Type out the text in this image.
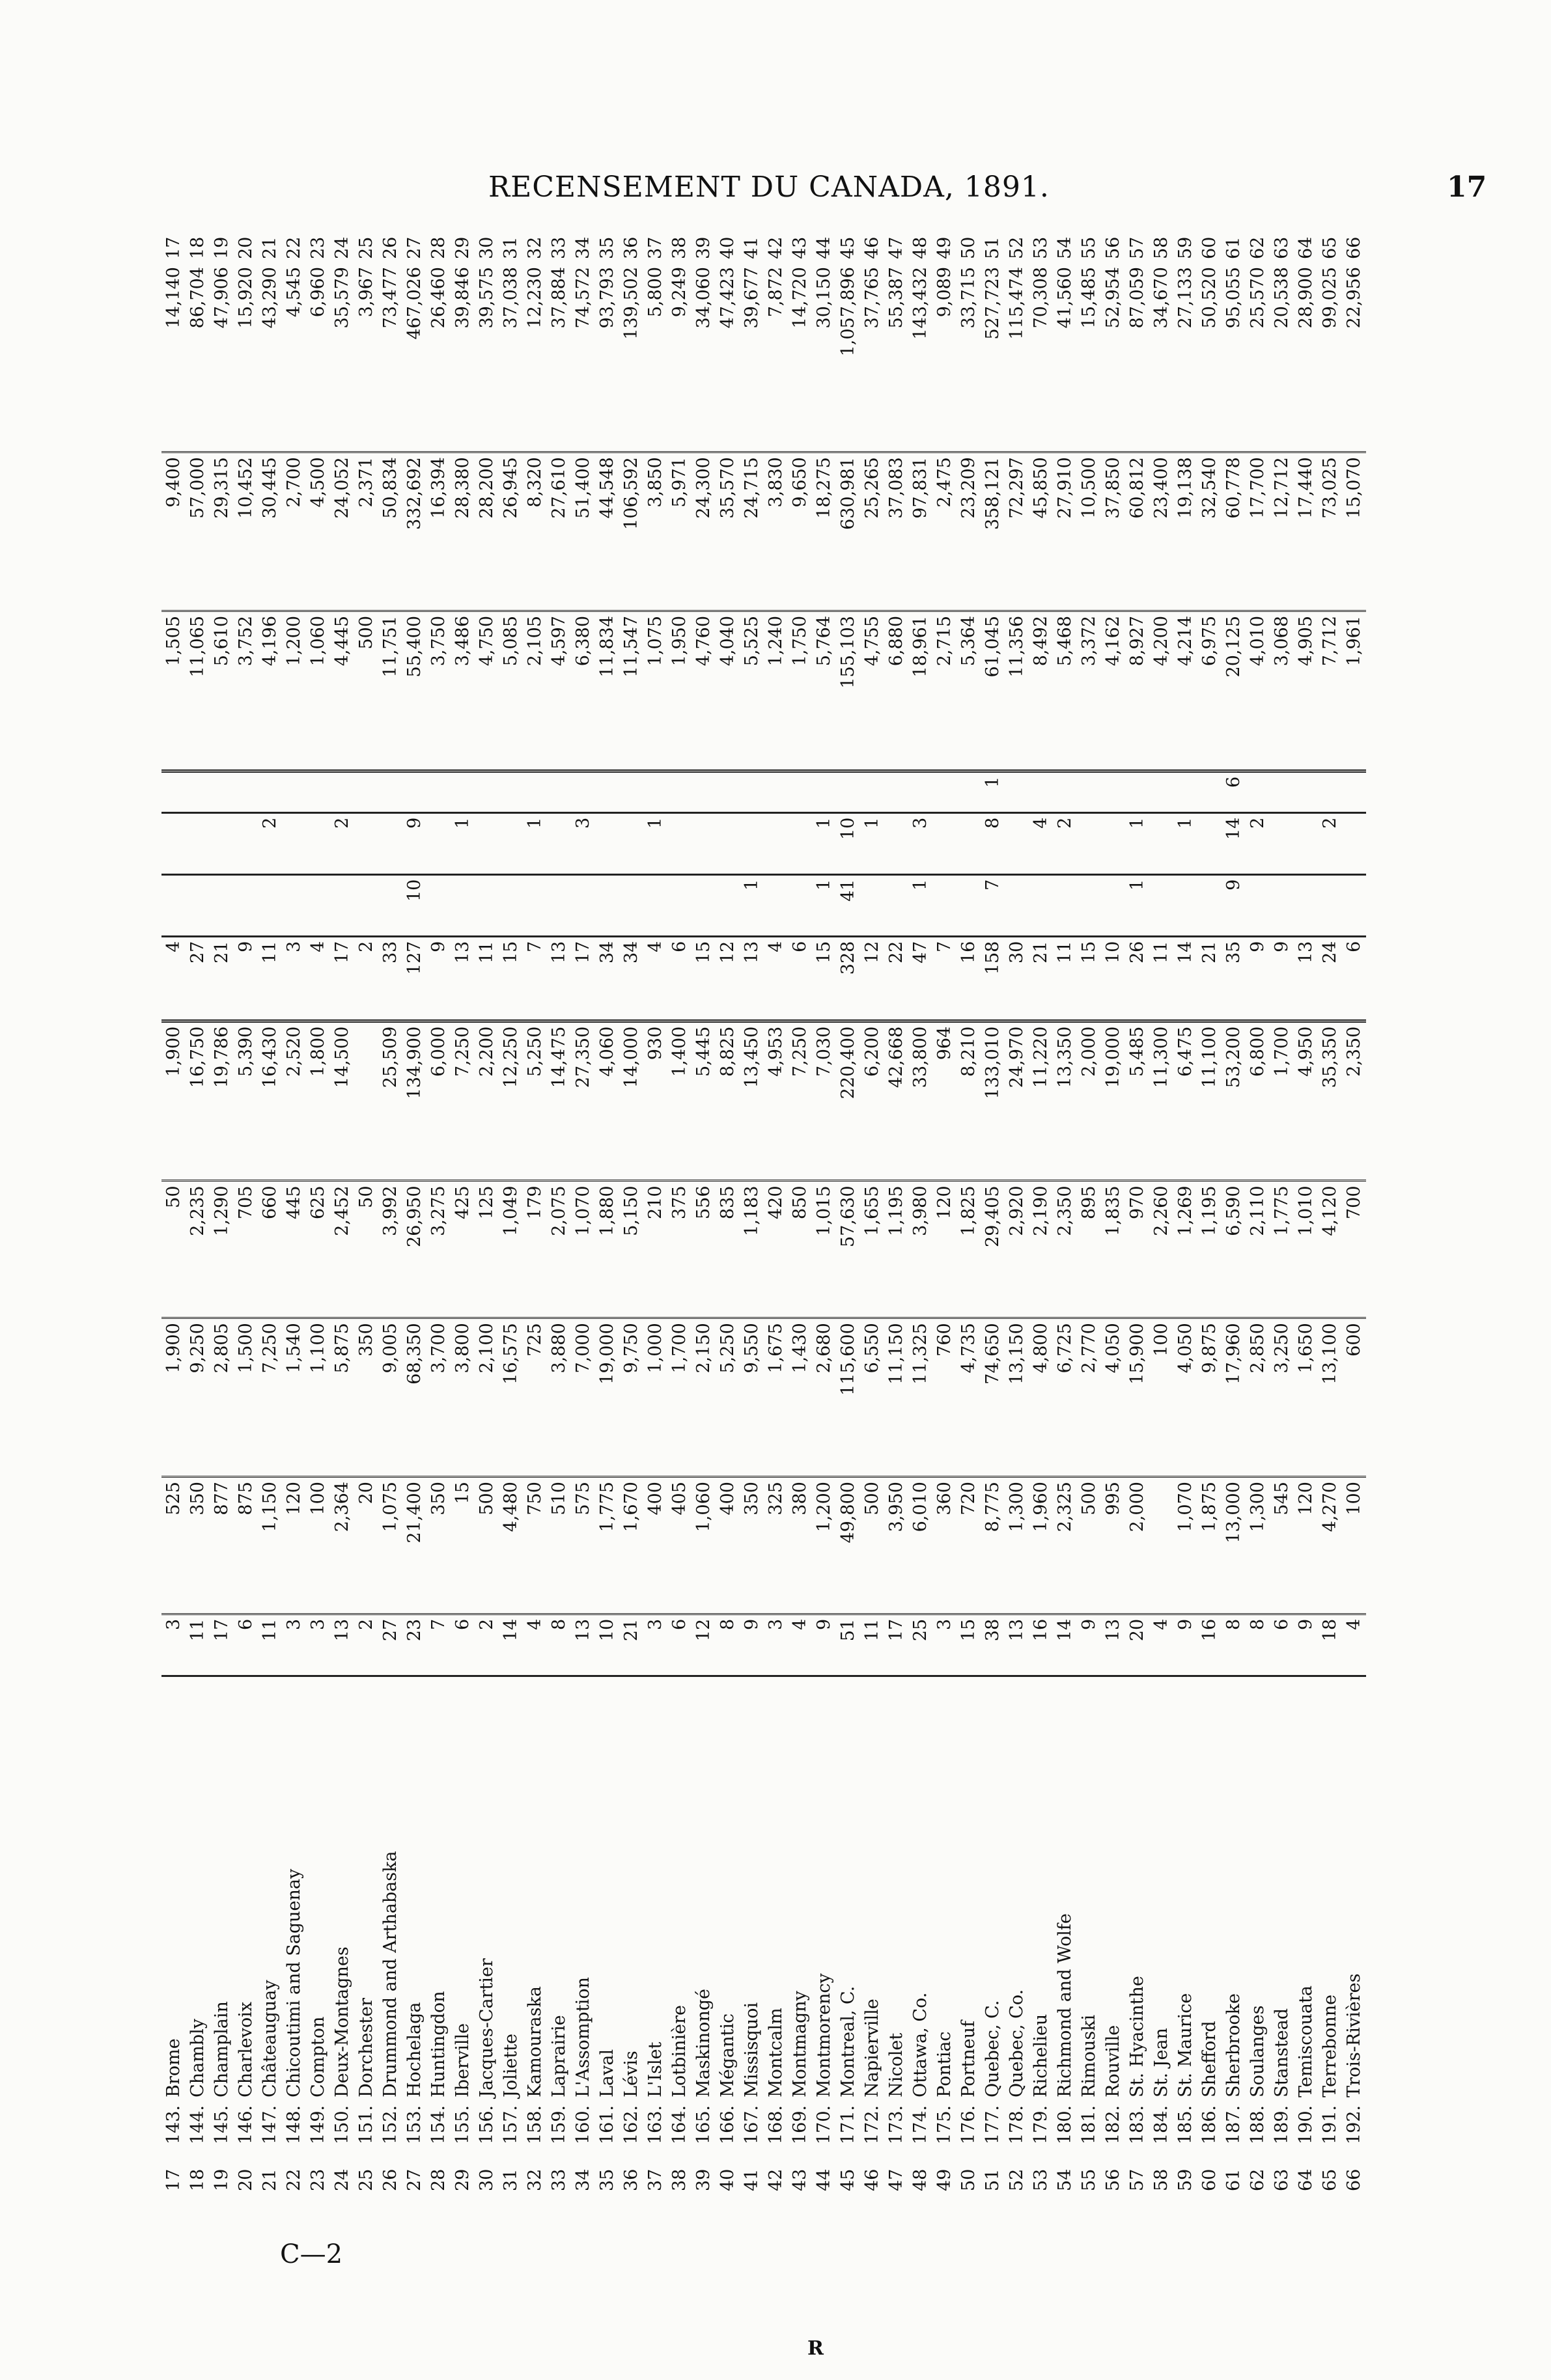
RECENSEMENT DU CANADA, 1891.	17
C—2
R
17	143.	Brome	3	525	1,900	50	1,900	4				1,505	9,400	14,140	17
18	144.	Chambly	11	350	9,250	2,235	16,750	27				11,065	57,000	86,704	18
19	145.	Champlain	17	877	2,805	1,290	19,786	21				5,610	29,315	47,906	19
20	146.	Charlevoix	6	875	1,500	705	5,390	9				3,752	10,452	15,920	20
21	147.	Châteauguay	11	1,150	7,250	660	16,430	11		2		4,196	30,445	43,290	21
22	148.	Chicoutimi and Saguenay	3	120	1,540	445	2,520	3				1,200	2,700	4,545	22
23	149.	Compton	3	100	1,100	625	1,800	4				1,060	4,500	6,960	23
24	150.	Deux-Montagnes	13	2,364	5,875	2,452	14,500	17		2		4,445	24,052	35,579	24
25	151.	Dorchester	2	20	350	50		2				500	2,371	3,967	25
26	152.	Drummond and Arthabaska	27	1,075	9,005	3,992	25,509	33				11,751	50,834	73,477	26
27	153.	Hochelaga	23	21,400	68,350	26,950	134,900	127	10	9		55,400	332,692	467,026	27
28	154.	Huntingdon	7	350	3,700	3,275	6,000	9				3,750	16,394	26,460	28
29	155.	Iberville	6	15	3,800	425	7,250	13		1		3,486	28,380	39,846	29
30	156.	Jacques-Cartier	2	500	2,100	125	2,200	11				4,750	28,200	39,575	30
31	157.	Joliette	14	4,480	16,575	1,049	12,250	15				5,085	26,945	37,038	31
32	158.	Kamouraska	4	750	725	179	5,250	7		1		2,105	8,320	12,230	32
33	159.	Laprairie	8	510	3,880	2,075	14,475	13				4,597	27,610	37,884	33
34	160.	L'Assomption	13	575	7,000	1,070	27,350	17		3		6,380	51,400	74,572	34
35	161.	Laval	10	1,775	19,000	1,880	4,060	34				11,834	44,548	93,793	35
36	162.	Lévis	21	1,670	9,750	5,150	14,000	34				11,547	106,592	139,502	36
37	163.	L'Islet	3	400	1,000	210	930	4		1		1,075	3,850	5,800	37
38	164.	Lotbinière	6	405	1,700	375	1,400	6				1,950	5,971	9,249	38
39	165.	Maskinongé	12	1,060	2,150	556	5,445	15				4,760	24,300	34,060	39
40	166.	Mégantic	8	400	5,250	835	8,825	12				4,040	35,570	47,423	40
41	167.	Missisquoi	9	350	9,550	1,183	13,450	13	1			5,525	24,715	39,677	41
42	168.	Montcalm	3	325	1,675	420	4,953	4				1,240	3,830	7,872	42
43	169.	Montmagny	4	380	1,430	850	7,250	6				1,750	9,650	14,720	43
44	170.	Montmorency	9	1,200	2,680	1,015	7,030	15	1	1		5,764	18,275	30,150	44
45	171.	Montreal, C.	51	49,800	115,600	57,630	220,400	328	41	10		155,103	630,981	1,057,896	45
46	172.	Napierville	11	500	6,550	1,655	6,200	12		1		4,755	25,265	37,765	46
47	173.	Nicolet	17	3,950	11,150	1,195	42,668	22				6,880	37,083	55,387	47
48	174.	Ottawa, Co.	25	6,010	11,325	3,980	33,800	47	1	3		18,961	97,831	143,432	48
49	175.	Pontiac	3	360	760	120	964	7				2,715	2,475	9,089	49
50	176.	Portneuf	15	720	4,735	1,825	8,210	16				5,364	23,209	33,715	50
51	177.	Quebec, C.	38	8,775	74,650	29,405	133,010	158	7	8	1	61,045	358,121	527,723	51
52	178.	Quebec, Co.	13	1,300	13,150	2,920	24,970	30				11,356	72,297	115,474	52
53	179.	Richelieu	16	1,960	4,800	2,190	11,220	21		4		8,492	45,850	70,308	53
54	180.	Richmond and Wolfe	14	2,325	6,725	2,350	13,350	11		2		5,468	27,910	41,560	54
55	181.	Rimouski	9	500	2,770	895	2,000	15				3,372	10,500	15,485	55
56	182.	Rouville	13	995	4,050	1,835	19,000	10				4,162	37,850	52,954	56
57	183.	St. Hyacinthe	20	2,000	15,900	970	5,485	26	1	1		8,927	60,812	87,059	57
58	184.	St. Jean	4		100	2,260	11,300	11				4,200	23,400	34,670	58
59	185.	St. Maurice	9	1,070	4,050	1,269	6,475	14		1		4,214	19,138	27,133	59
60	186.	Shefford	16	1,875	9,875	1,195	11,100	21				6,975	32,540	50,520	60
61	187.	Sherbrooke	8	13,000	17,960	6,590	53,200	35	9	14	6	20,125	60,778	95,055	61
62	188.	Soulanges	8	1,300	2,850	2,110	6,800	9		2		4,010	17,700	25,570	62
63	189.	Stanstead	6	545	3,250	1,775	1,700	9				3,068	12,712	20,538	63
64	190.	Temiscouata	9	120	1,650	1,010	4,950	13				4,905	17,440	28,900	64
65	191.	Terrebonne	18	4,270	13,100	4,120	35,350	24		2		7,712	73,025	99,025	65
66	192.	Trois-Rivières	4	100	600	700	2,350	6				1,961	15,070	22,956	66
